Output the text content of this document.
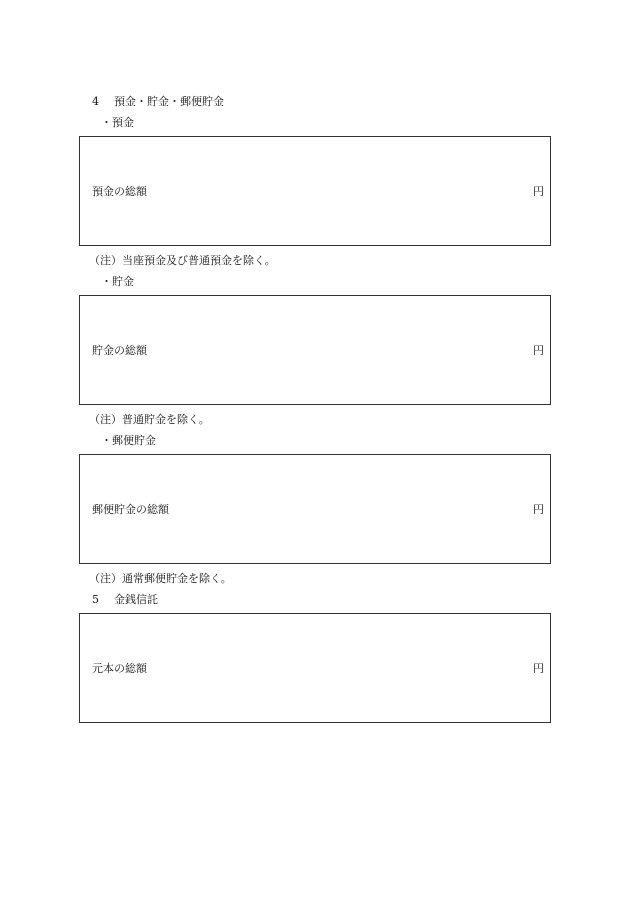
4 預金・貯金・郵便貯金
・預金
預金の総額	円
（注）当座預金及び普通預金を除く。
・貯金
貯金の総額	円
（注）普通貯金を除く。
・郵便貯金
郵便貯金の総額	円
（注）通常郵便貯金を除く。
5 金銭信託
元本の総額	円
